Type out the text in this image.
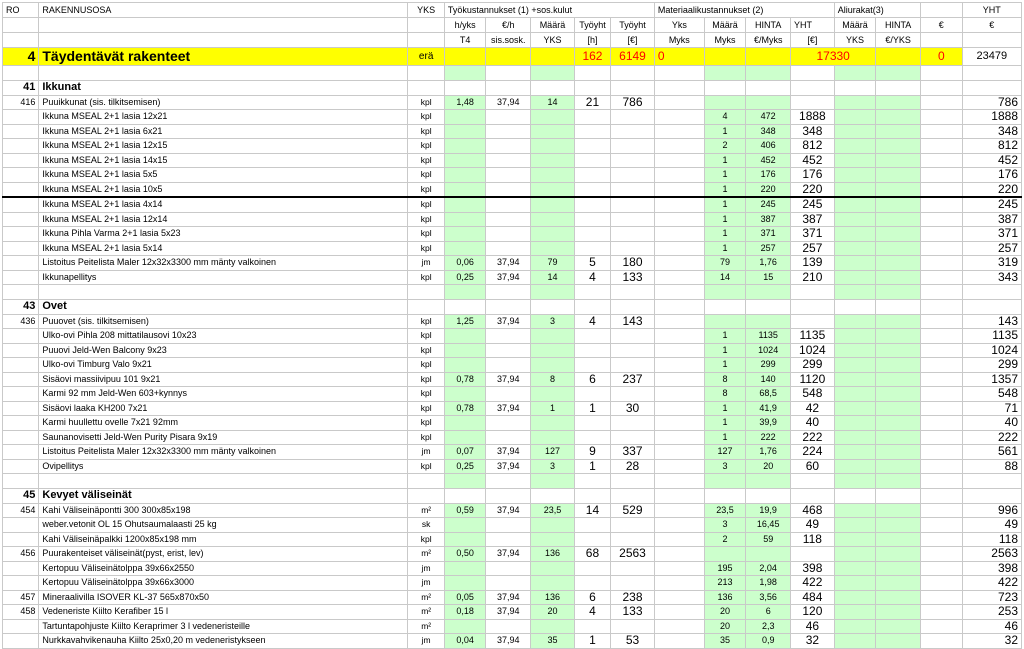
RO	RAKENNUSOSA	YKS	Työkustannukset (1) +sos.kulut					Materiaalikustannukset (2)				Aliurakat(3)			YHT
			h/yks	€/h	Määrä	Työyht	Työyht	Yks	Määrä	HINTA	YHT	Määrä	HINTA	€	€
			T4	sis.sosk.	YKS	[h]	[€]	Myks	Myks	€/Myks	[€]	YKS	€/YKS		
4	Täydentävät rakenteet	erä				162	6149	0			17330			0	23479

41	Ikkunat														
416	Puuikkunat (sis. tilkitsemisen)	kpl	1,48	37,94	14	21	786								786
	Ikkuna MSEAL 2+1 lasia 12x21	kpl							4	472	1888				1888
	Ikkuna MSEAL 2+1 lasia 6x21	kpl							1	348	348				348
	Ikkuna MSEAL 2+1 lasia 12x15	kpl							2	406	812				812
	Ikkuna MSEAL 2+1 lasia 14x15	kpl							1	452	452				452
	Ikkuna MSEAL 2+1 lasia 5x5	kpl							1	176	176				176
	Ikkuna MSEAL 2+1 lasia 10x5	kpl							1	220	220				220
	Ikkuna MSEAL 2+1 lasia 4x14	kpl							1	245	245				245
	Ikkuna MSEAL 2+1 lasia 12x14	kpl							1	387	387				387
	Ikkuna Pihla Varma 2+1 lasia 5x23	kpl							1	371	371				371
	Ikkuna MSEAL 2+1 lasia 5x14	kpl							1	257	257				257
	Listoitus Peitelista Maler 12x32x3300 mm mänty valkoinen	jm	0,06	37,94	79	5	180		79	1,76	139				319
	Ikkunapellitys	kpl	0,25	37,94	14	4	133		14	15	210				343

43	Ovet														
436	Puuovet (sis. tilkitsemisen)	kpl	1,25	37,94	3	4	143								143
	Ulko-ovi Pihla 208 mittatilausovi 10x23	kpl							1	1135	1135				1135
	Puuovi Jeld-Wen Balcony 9x23	kpl							1	1024	1024				1024
	Ulko-ovi Timburg Valo 9x21	kpl							1	299	299				299
	Sisäovi massiivipuu 101 9x21	kpl	0,78	37,94	8	6	237		8	140	1120				1357
	Karmi 92 mm Jeld-Wen 603+kynnys	kpl							8	68,5	548				548
	Sisäovi laaka KH200 7x21	kpl	0,78	37,94	1	1	30		1	41,9	42				71
	Karmi huullettu ovelle 7x21 92mm	kpl							1	39,9	40				40
	Saunanovisetti Jeld-Wen Purity Pisara 9x19	kpl							1	222	222				222
	Listoitus Peitelista Maler 12x32x3300 mm mänty valkoinen	jm	0,07	37,94	127	9	337		127	1,76	224				561
	Ovipellitys	kpl	0,25	37,94	3	1	28		3	20	60				88

45	Kevyet väliseinät														
454	Kahi Väliseinäpontti 300 300x85x198	m²	0,59	37,94	23,5	14	529		23,5	19,9	468				996
	weber.vetonit OL 15 Ohutsaumalaasti 25 kg	sk							3	16,45	49				49
	Kahi Väliseinäpalkki 1200x85x198 mm	kpl							2	59	118				118
456	Puurakenteiset väliseinät(pyst, erist, lev)	m²	0,50	37,94	136	68	2563								2563
	Kertopuu Väliseinätolppa 39x66x2550	jm							195	2,04	398				398
	Kertopuu Väliseinätolppa 39x66x3000	jm							213	1,98	422				422
457	Mineraalivilla ISOVER KL-37 565x870x50	m²	0,05	37,94	136	6	238		136	3,56	484				723
458	Vedeneriste Kiilto Kerafiber 15 l	m²	0,18	37,94	20	4	133		20	6	120				253
	Tartuntapohjuste Kiilto Keraprimer 3 l vedeneristeille	m²							20	2,3	46				46
	Nurkkavahvikenauha Kiilto 25x0,20 m vedeneristykseen	jm	0,04	37,94	35	1	53		35	0,9	32				32
